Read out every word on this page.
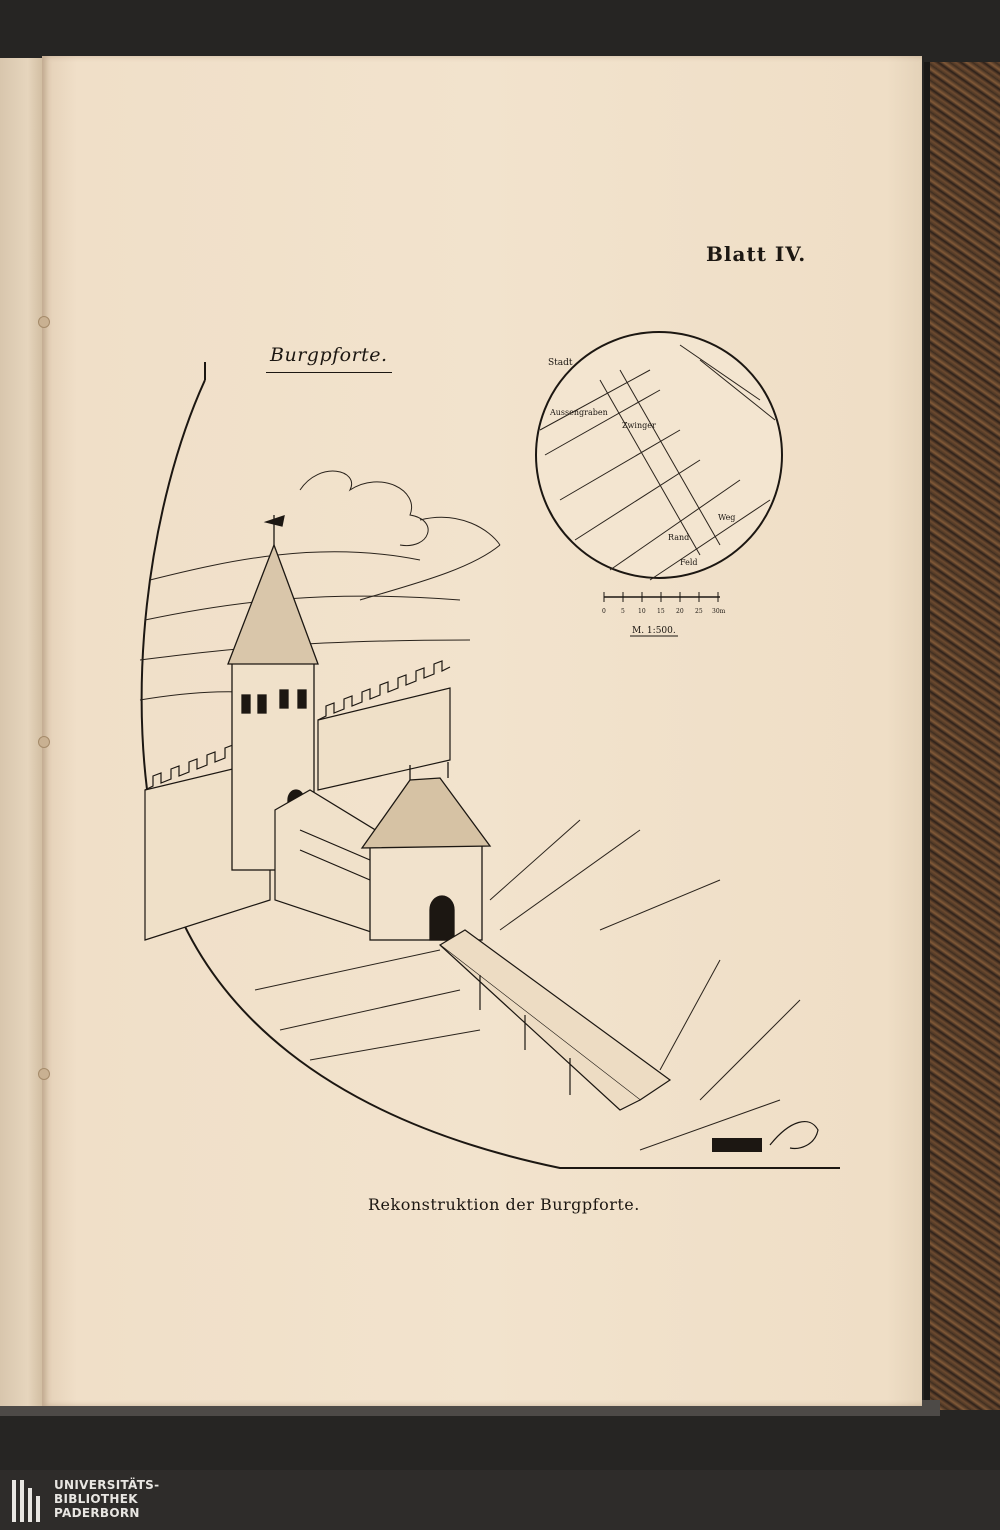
Blatt IV.
Burgpforte.	Stadt
Aussengraben
Zwinger
Rand
Weg
Feld
0	5 10 15 20 25 30m
M. 1:500.
Rekonstruktion der Burgpforte.
UNIVERSITÄTS-
BIBLIOTHEK
PADERBORN
